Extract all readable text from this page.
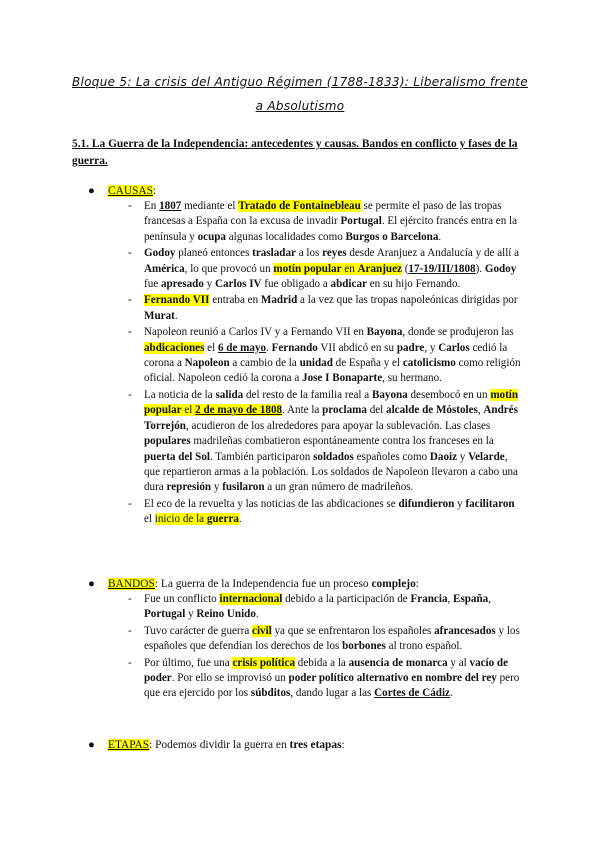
Bloque 5: La crisis del Antiguo Régimen (1788-1833): Liberalismo frente a Absolutismo
5.1. La Guerra de la Independencia: antecedentes y causas. Bandos en conflicto y fases de la guerra.
● CAUSAS:
- En 1807 mediante el Tratado de Fontainebleau se permite el paso de las tropas francesas a España con la excusa de invadir Portugal. El ejército francés entra en la península y ocupa algunas localidades como Burgos o Barcelona.
- Godoy planeó entonces trasladar a los reyes desde Aranjuez a Andalucía y de allí a América, lo que provocó un motín popular en Aranjuez (17-19/III/1808). Godoy fue apresado y Carlos IV fue obligado a abdicar en su hijo Fernando.
- Fernando VII entraba en Madrid a la vez que las tropas napoleónicas dirigidas por Murat.
- Napoleon reunió a Carlos IV y a Fernando VII en Bayona, donde se produjeron las abdicaciones el 6 de mayo. Fernando VII abdicó en su padre, y Carlos cedió la corona a Napoleon a cambio de la unidad de España y el catolicismo como religión oficial. Napoleon cedió la corona a Jose I Bonaparte, su hermano.
- La noticia de la salida del resto de la familia real a Bayona desembocó en un motín popular el 2 de mayo de 1808. Ante la proclama del alcalde de Móstoles, Andrés Torrejón, acudieron de los alrededores para apoyar la sublevación. Las clases populares madrileñas combatieron espontáneamente contra los franceses en la puerta del Sol. También participaron soldados españoles como Daoiz y Velarde, que repartieron armas a la población. Los soldados de Napoleon llevaron a cabo una dura represión y fusilaron a un gran número de madrileños.
- El eco de la revuelta y las noticias de las abdicaciones se difundieron y facilitaron el inicio de la guerra.
● BANDOS: La guerra de la Independencia fue un proceso complejo:
- Fue un conflicto internacional debido a la participación de Francia, España, Portugal y Reino Unido.
- Tuvo carácter de guerra civil ya que se enfrentaron los españoles afrancesados y los españoles que defendían los derechos de los borbones al trono español.
- Por último, fue una crisis política debida a la ausencia de monarca y al vacío de poder. Por ello se improvisó un poder político alternativo en nombre del rey pero que era ejercido por los súbditos, dando lugar a las Cortes de Cádiz.
● ETAPAS: Podemos dividir la guerra en tres etapas:
